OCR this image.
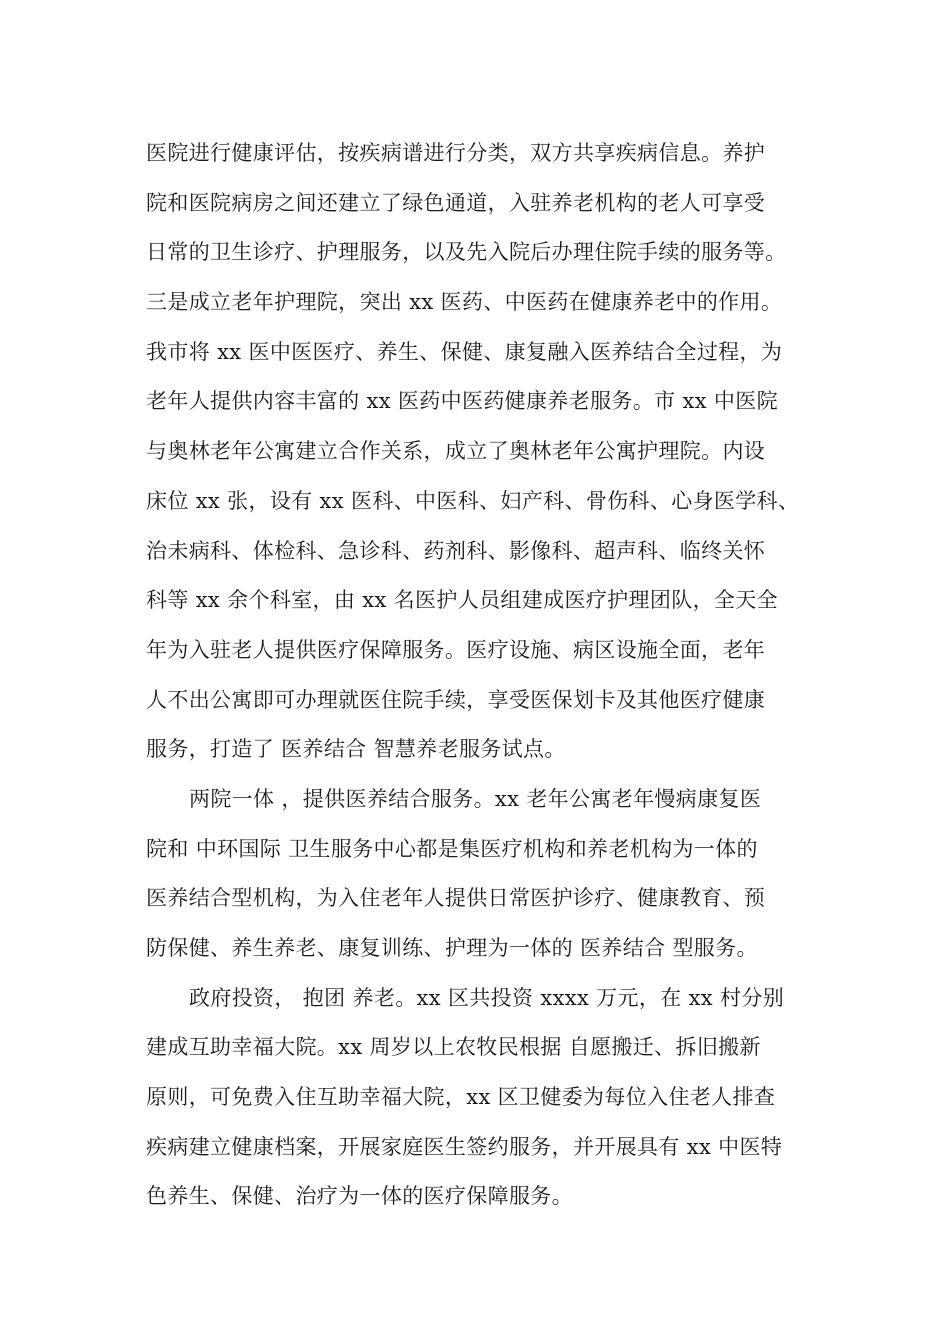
医院进行健康评估，按疾病谱进行分类，双方共享疾病信息。养护
院和医院病房之间还建立了绿色通道，入驻养老机构的老人可享受
日常的卫生诊疗、护理服务，以及先入院后办理住院手续的服务等。
三是成立老年护理院，突出 xx 医药、中医药在健康养老中的作用。
我市将 xx 医中医医疗、养生、保健、康复融入医养结合全过程，为
老年人提供内容丰富的 xx 医药中医药健康养老服务。市 xx 中医院
与奥林老年公寓建立合作关系，成立了奥林老年公寓护理院。内设
床位 xx 张，设有 xx 医科、中医科、妇产科、骨伤科、心身医学科、
治未病科、体检科、急诊科、药剂科、影像科、超声科、临终关怀
科等 xx 余个科室，由 xx 名医护人员组建成医疗护理团队，全天全
年为入驻老人提供医疗保障服务。医疗设施、病区设施全面，老年
人不出公寓即可办理就医住院手续，享受医保划卡及其他医疗健康
服务，打造了 医养结合 智慧养老服务试点。
两院一体 ，提供医养结合服务。xx 老年公寓老年慢病康复医
院和 中环国际 卫生服务中心都是集医疗机构和养老机构为一体的
医养结合型机构，为入住老年人提供日常医护诊疗、健康教育、预
防保健、养生养老、康复训练、护理为一体的 医养结合 型服务。
政府投资， 抱团 养老。xx 区共投资 xxxx 万元，在 xx 村分别
建成互助幸福大院。xx 周岁以上农牧民根据 自愿搬迁、拆旧搬新
原则，可免费入住互助幸福大院，xx 区卫健委为每位入住老人排查
疾病建立健康档案，开展家庭医生签约服务，并开展具有 xx 中医特
色养生、保健、治疗为一体的医疗保障服务。
